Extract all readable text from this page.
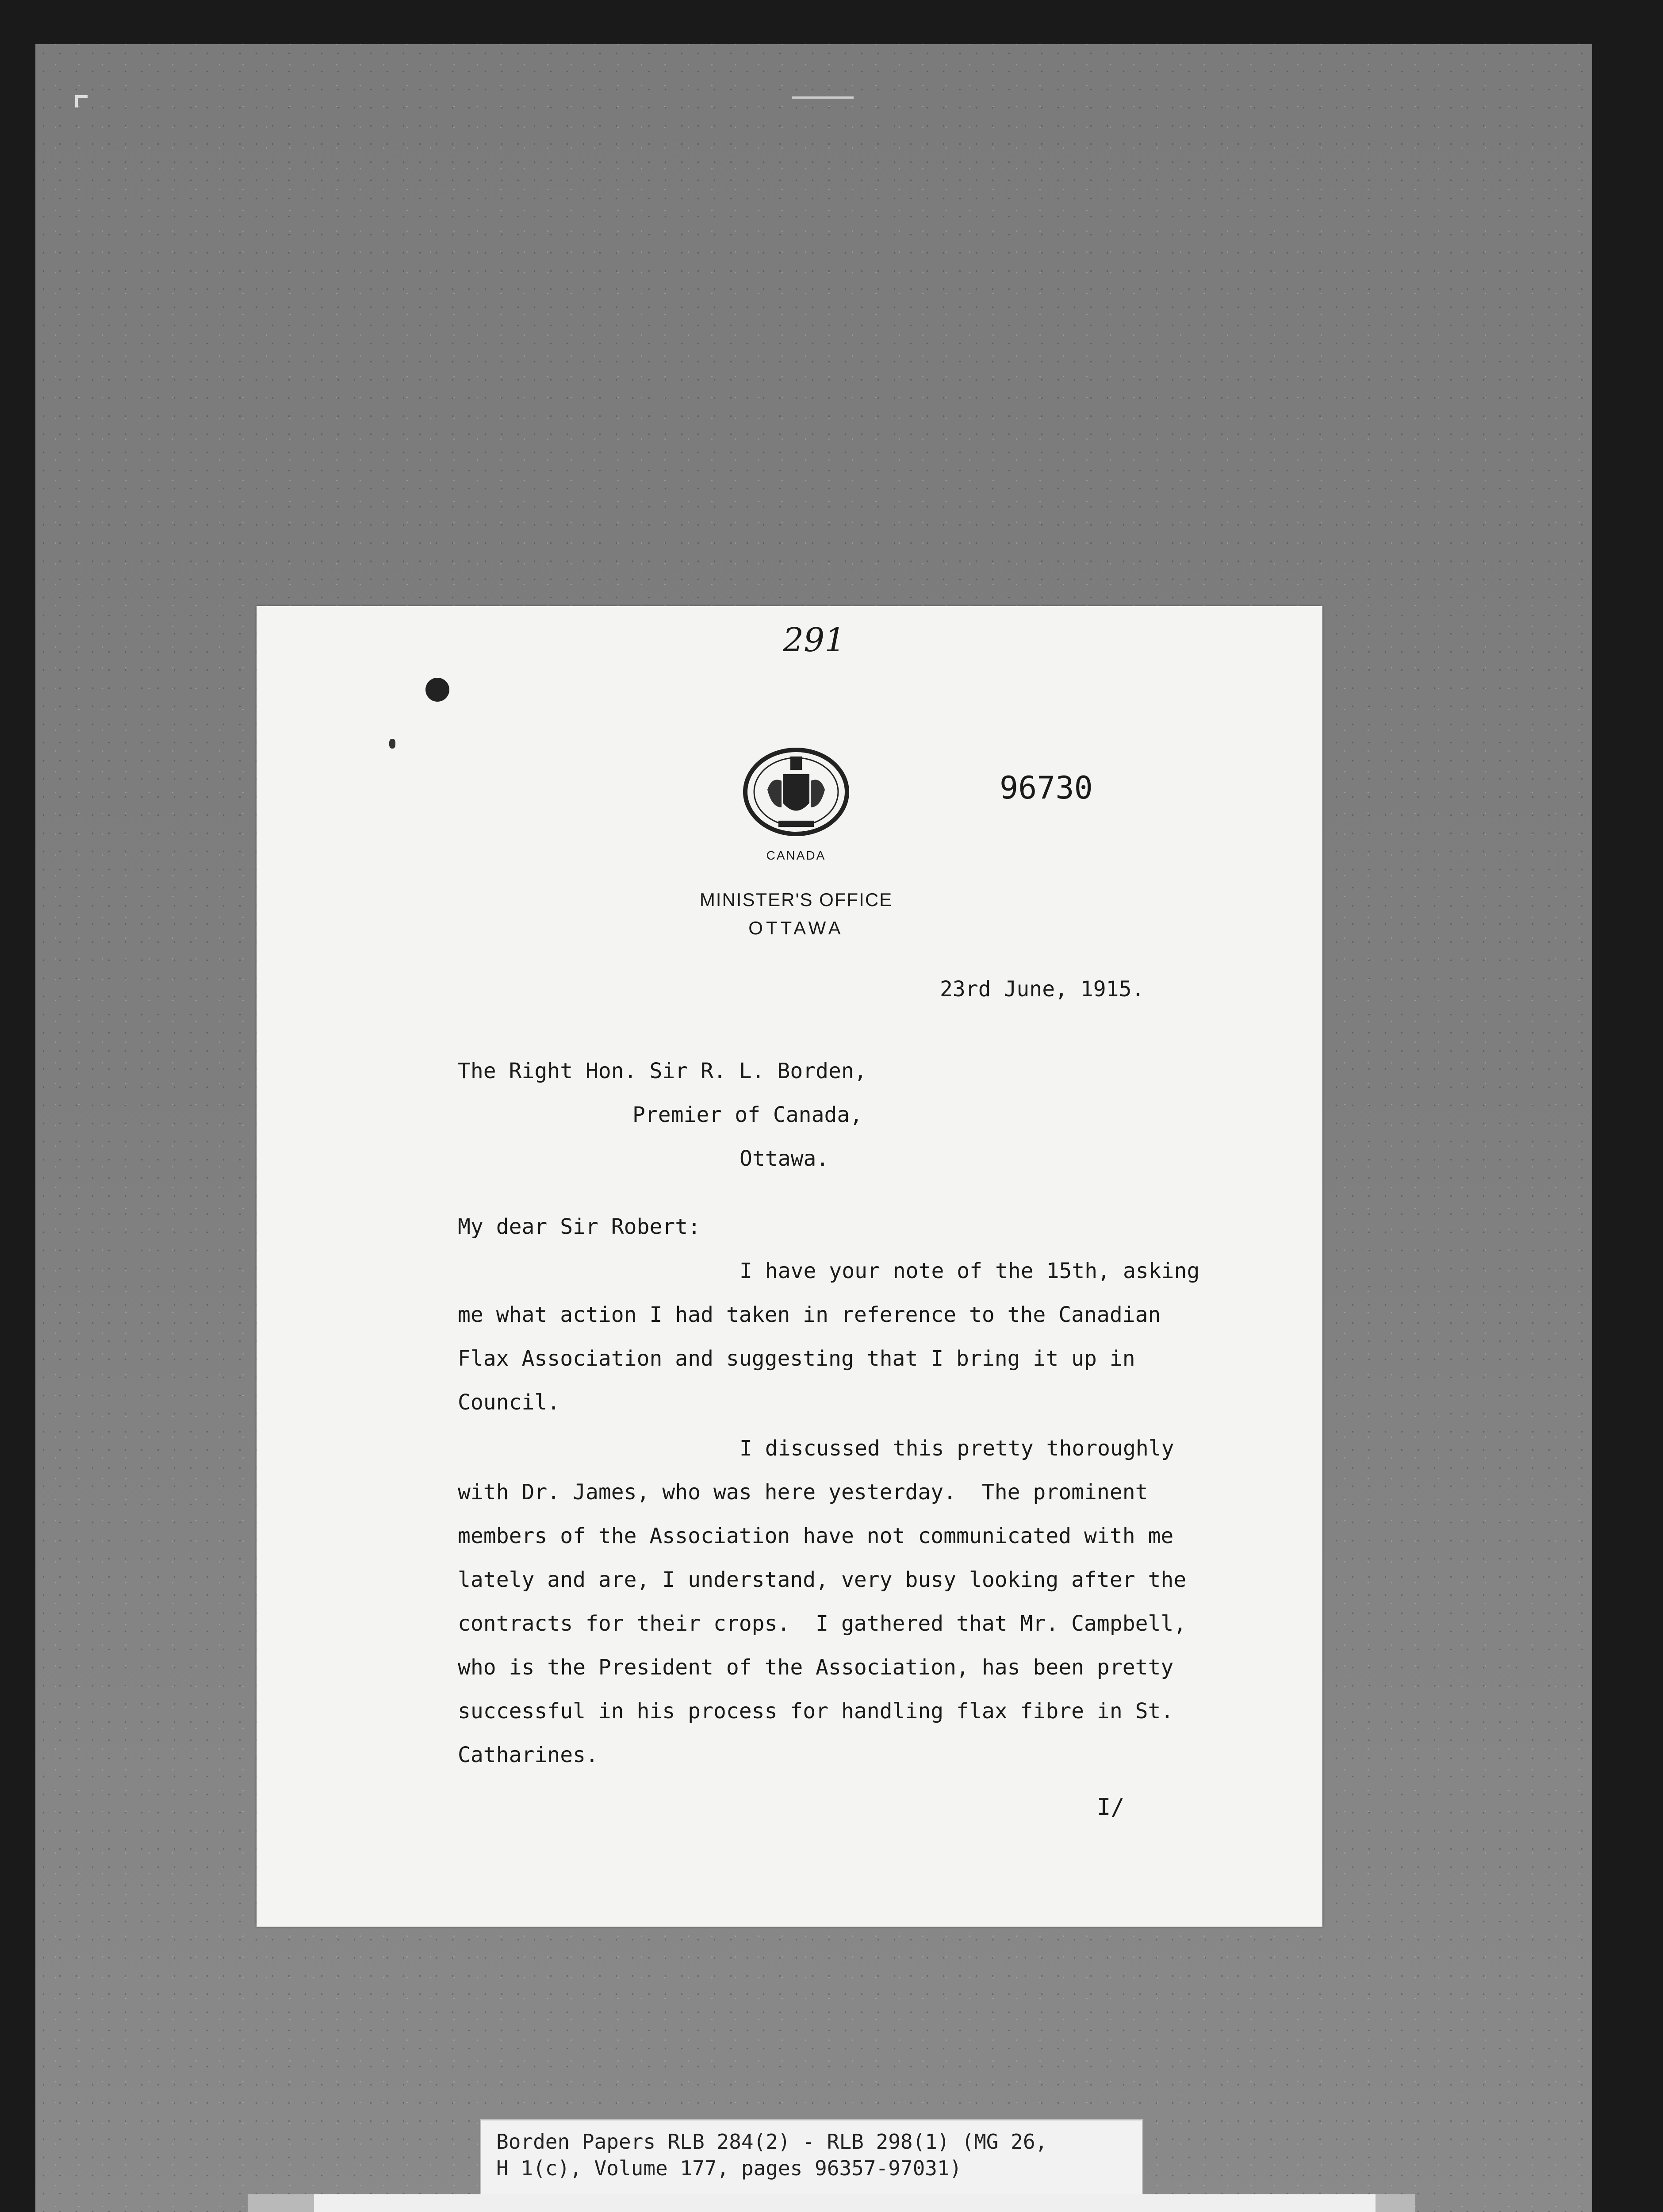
291
CANADA
96730
MINISTER'S OFFICE
OTTAWA
23rd June, 1915.
The Right Hon. Sir R. L. Borden,
Premier of Canada,
Ottawa.
My dear Sir Robert:
I have your note of the 15th, asking
me what action I had taken in reference to the Canadian
Flax Association and suggesting that I bring it up in
Council.
I discussed this pretty thoroughly
with Dr. James, who was here yesterday.  The prominent
members of the Association have not communicated with me
lately and are, I understand, very busy looking after the
contracts for their crops.  I gathered that Mr. Campbell,
who is the President of the Association, has been pretty
successful in his process for handling flax fibre in St.
Catharines.
I/
Borden Papers RLB 284(2) - RLB 298(1) (MG 26,
H 1(c), Volume 177, pages 96357-97031)
